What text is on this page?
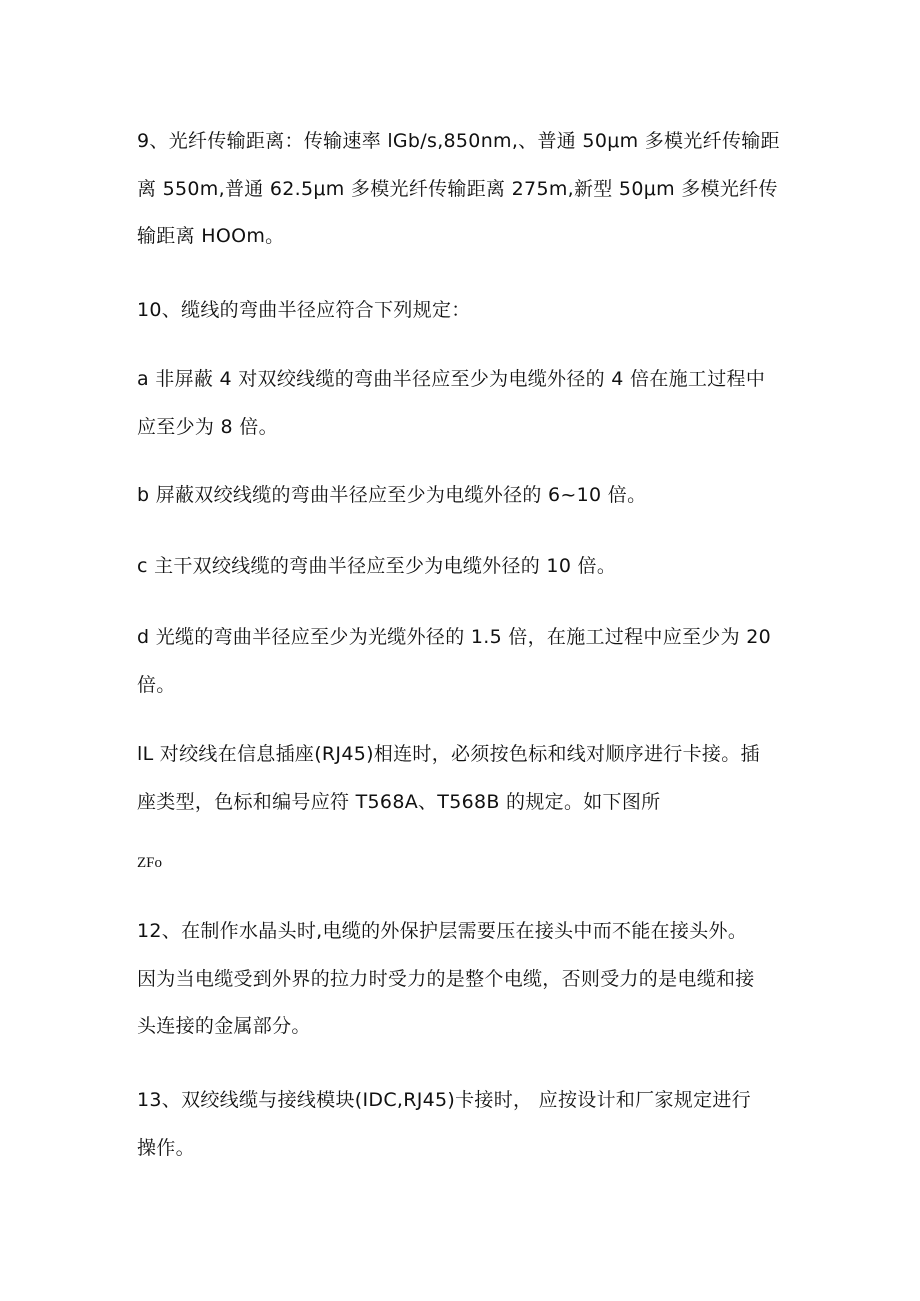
9、光纤传输距离：传输速率 lGb/s,850nm,、普通 50μm 多模光纤传输距
离 550m,普通 62.5μm 多模光纤传输距离 275m,新型 50μm 多模光纤传
输距离 HOOm。
10、缆线的弯曲半径应符合下列规定：
a 非屏蔽 4 对双绞线缆的弯曲半径应至少为电缆外径的 4 倍在施工过程中
应至少为 8 倍。
b 屏蔽双绞线缆的弯曲半径应至少为电缆外径的 6~10 倍。
c 主干双绞线缆的弯曲半径应至少为电缆外径的 10 倍。
d 光缆的弯曲半径应至少为光缆外径的 1.5 倍，在施工过程中应至少为 20
倍。
lL 对绞线在信息插座(RJ45)相连时，必须按色标和线对顺序进行卡接。插
座类型，色标和编号应符 T568A、T568B 的规定。如下图所
ZFo
12、在制作水晶头时,电缆的外保护层需要压在接头中而不能在接头外。
因为当电缆受到外界的拉力时受力的是整个电缆，否则受力的是电缆和接
头连接的金属部分。
13、双绞线缆与接线模块(IDC,RJ45)卡接时， 应按设计和厂家规定进行
操作。
